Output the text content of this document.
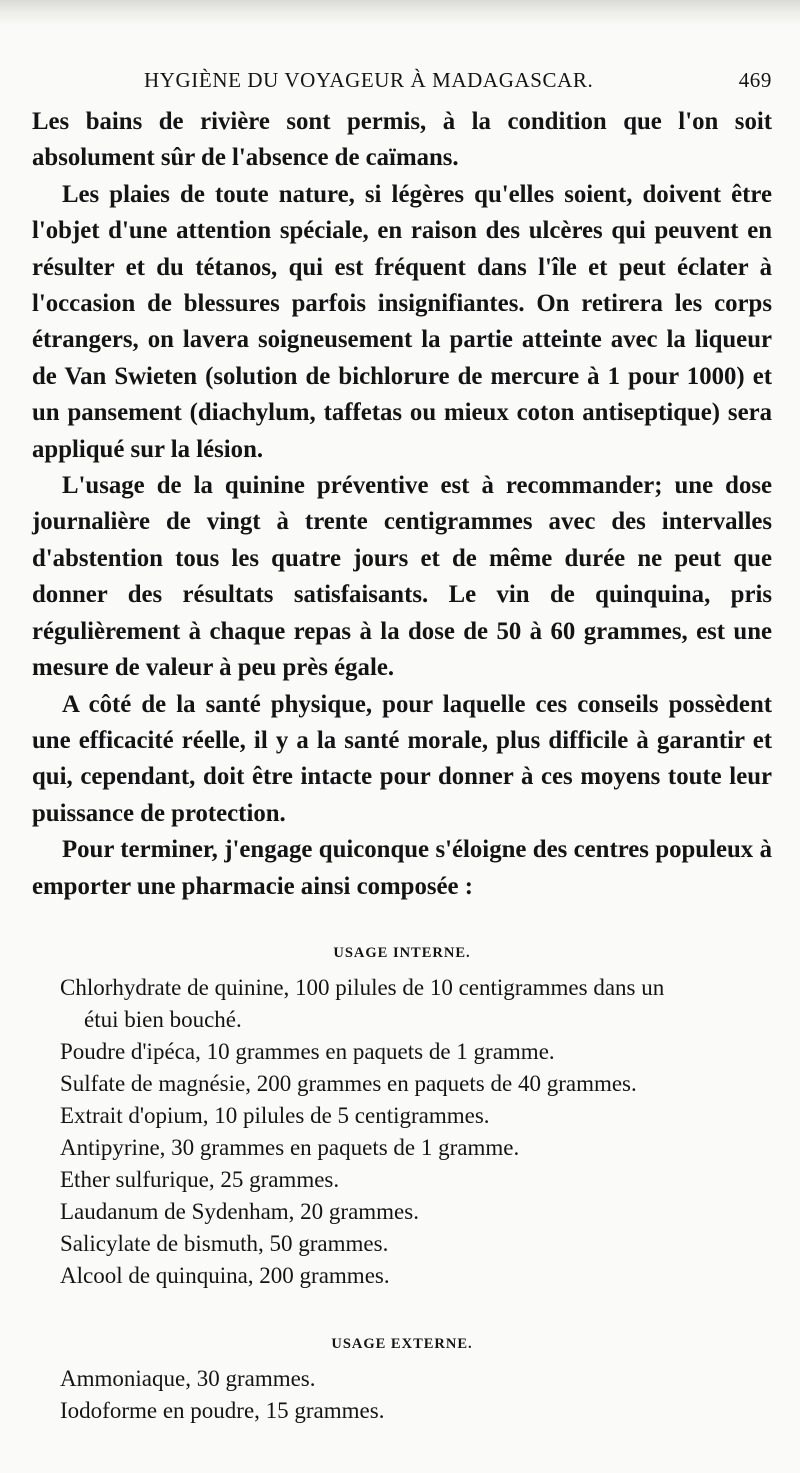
HYGIÈNE DU VOYAGEUR À MADAGASCAR.	469

Les bains de rivière sont permis, à la condition que l'on soit absolument sûr de l'absence de caïmans.

Les plaies de toute nature, si légères qu'elles soient, doivent être l'objet d'une attention spéciale, en raison des ulcères qui peuvent en résulter et du tétanos, qui est fréquent dans l'île et peut éclater à l'occasion de blessures parfois insignifiantes. On retirera les corps étrangers, on lavera soigneusement la partie atteinte avec la liqueur de Van Swieten (solution de bichlorure de mercure à 1 pour 1000) et un pansement (diachylum, taffetas ou mieux coton antiseptique) sera appliqué sur la lésion.

L'usage de la quinine préventive est à recommander; une dose journalière de vingt à trente centigrammes avec des intervalles d'abstention tous les quatre jours et de même durée ne peut que donner des résultats satisfaisants. Le vin de quinquina, pris régulièrement à chaque repas à la dose de 50 à 60 grammes, est une mesure de valeur à peu près égale.

A côté de la santé physique, pour laquelle ces conseils possèdent une efficacité réelle, il y a la santé morale, plus difficile à garantir et qui, cependant, doit être intacte pour donner à ces moyens toute leur puissance de protection.

Pour terminer, j'engage quiconque s'éloigne des centres populeux à emporter une pharmacie ainsi composée :

USAGE INTERNE.
Chlorhydrate de quinine, 100 pilules de 10 centigrammes dans un
étui bien bouché.
Poudre d'ipéca, 10 grammes en paquets de 1 gramme.
Sulfate de magnésie, 200 grammes en paquets de 40 grammes.
Extrait d'opium, 10 pilules de 5 centigrammes.
Antipyrine, 30 grammes en paquets de 1 gramme.
Ether sulfurique, 25 grammes.
Laudanum de Sydenham, 20 grammes.
Salicylate de bismuth, 50 grammes.
Alcool de quinquina, 200 grammes.
USAGE EXTERNE.
Ammoniaque, 30 grammes.
Iodoforme en poudre, 15 grammes.
